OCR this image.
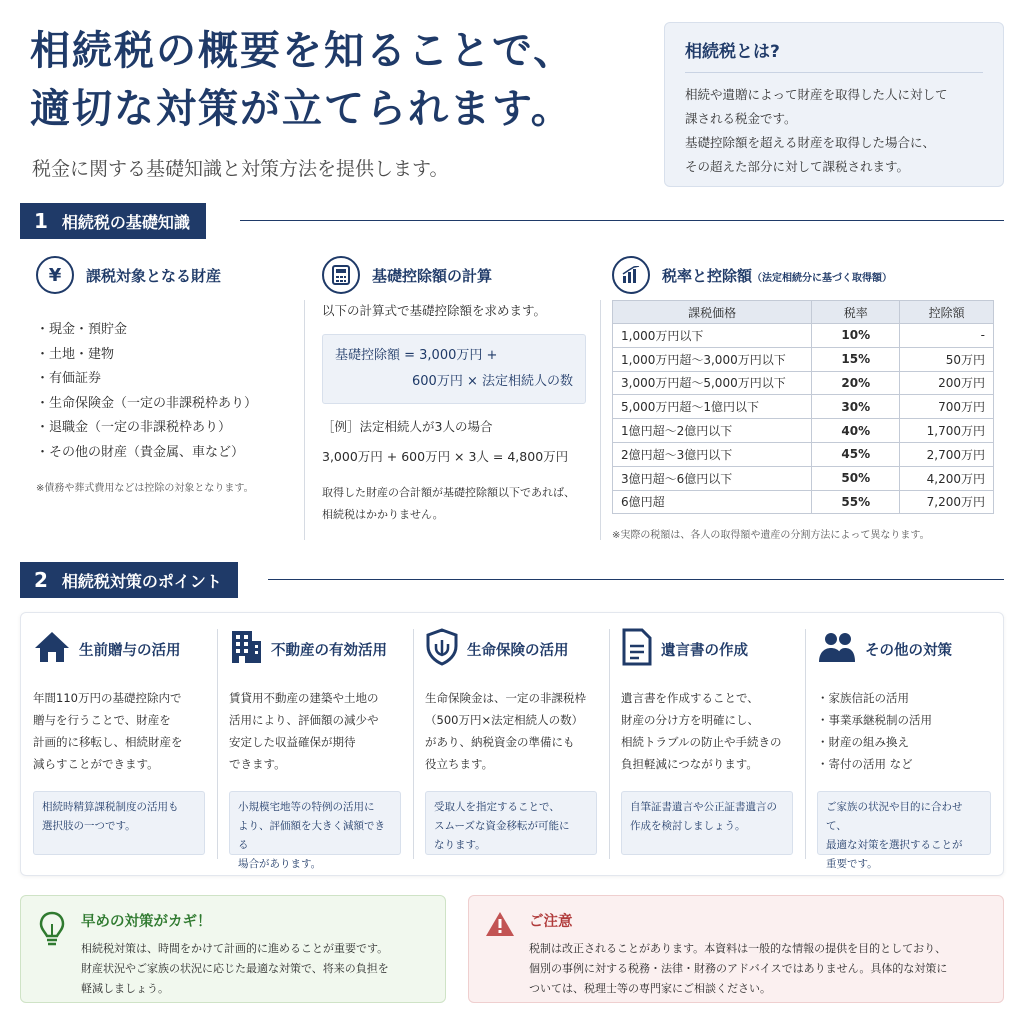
相続税の概要を知ることで、
適切な対策が立てられます。
税金に関する基礎知識と対策方法を提供します。
相続税とは?
相続や遺贈によって財産を取得した人に対して
課される税金です。
基礎控除額を超える財産を取得した場合に、
その超えた部分に対して課税されます。
1 相続税の基礎知識
¥	課税対象となる財産
・現金・預貯金
・土地・建物
・有価証券
・生命保険金（一定の非課税枠あり）
・退職金（一定の非課税枠あり）
・その他の財産（貴金属、車など）
※債務や葬式費用などは控除の対象となります。
基礎控除額の計算
以下の計算式で基礎控除額を求めます。
基礎控除額 = 3,000万円 +
600万円 × 法定相続人の数
［例］法定相続人が3人の場合
3,000万円 + 600万円 × 3人 = 4,800万円
取得した財産の合計額が基礎控除額以下であれば、
相続税はかかりません。
税率と控除額（法定相続分に基づく取得額）
課税価格	税率	控除額
1,000万円以下	10%	-
1,000万円超～3,000万円以下	15%	50万円
3,000万円超～5,000万円以下	20%	200万円
5,000万円超～1億円以下	30%	700万円
1億円超～2億円以下	40%	1,700万円
2億円超～3億円以下	45%	2,700万円
3億円超～6億円以下	50%	4,200万円
6億円超	55%	7,200万円
※実際の税額は、各人の取得額や遺産の分割方法によって異なります。
2 相続税対策のポイント
生前贈与の活用
年間110万円の基礎控除内で
贈与を行うことで、財産を
計画的に移転し、相続財産を
減らすことができます。
相続時精算課税制度の活用も
選択肢の一つです。
不動産の有効活用
賃貸用不動産の建築や土地の
活用により、評価額の減少や
安定した収益確保が期待
できます。
小規模宅地等の特例の活用に
より、評価額を大きく減額できる
場合があります。
生命保険の活用
生命保険金は、一定の非課税枠
（500万円×法定相続人の数）
があり、納税資金の準備にも
役立ちます。
受取人を指定することで、
スムーズな資金移転が可能に
なります。
遺言書の作成
遺言書を作成することで、
財産の分け方を明確にし、
相続トラブルの防止や手続きの
負担軽減につながります。
自筆証書遺言や公正証書遺言の
作成を検討しましょう。
その他の対策
・家族信託の活用
・事業承継税制の活用
・財産の組み換え
・寄付の活用 など
ご家族の状況や目的に合わせて、
最適な対策を選択することが
重要です。
早めの対策がカギ！
相続税対策は、時間をかけて計画的に進めることが重要です。
財産状況やご家族の状況に応じた最適な対策で、将来の負担を
軽減しましょう。
ご注意
税制は改正されることがあります。本資料は一般的な情報の提供を目的としており、
個別の事例に対する税務・法律・財務のアドバイスではありません。具体的な対策に
ついては、税理士等の専門家にご相談ください。
